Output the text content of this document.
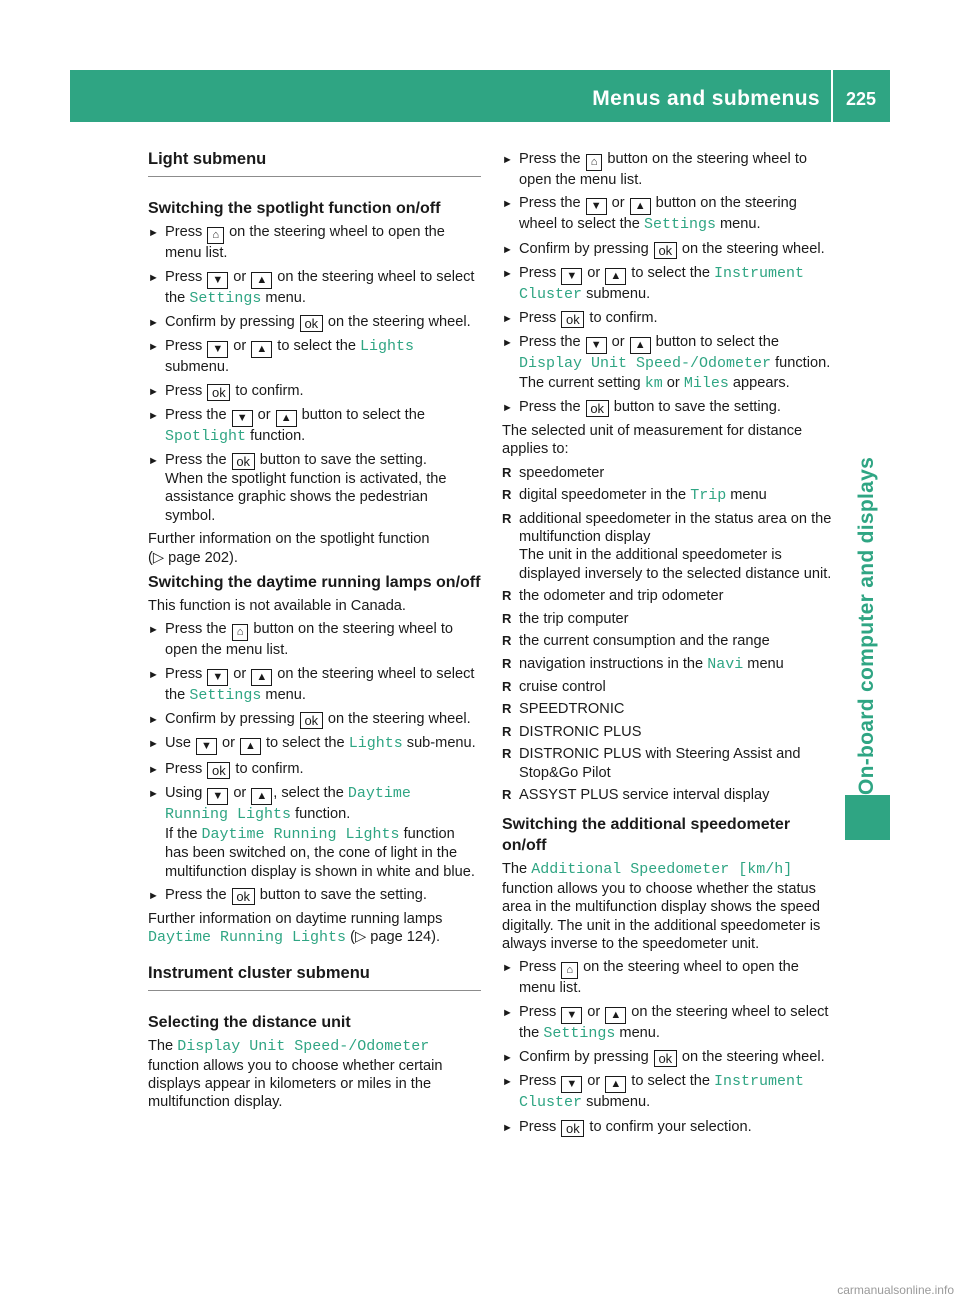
Menus and submenus	225
On-board computer and displays
Light submenu
Switching the spotlight function on/off
► Press ⌂ on the steering wheel to open the menu list.
► Press ▼ or ▲ on the steering wheel to select the Settings menu.
► Confirm by pressing ok on the steering wheel.
► Press ▼ or ▲ to select the Lights submenu.
► Press ok to confirm.
► Press the ▼ or ▲ button to select the Spotlight function.
► Press the ok button to save the setting.
When the spotlight function is activated, the assistance graphic shows the pedestrian symbol.
Further information on the spotlight function
(▷ page 202).
Switching the daytime running lamps on/off
This function is not available in Canada.
► Press the ⌂ button on the steering wheel to open the menu list.
► Press ▼ or ▲ on the steering wheel to select the Settings menu.
► Confirm by pressing ok on the steering wheel.
► Use ▼ or ▲ to select the Lights sub-menu.
► Press ok to confirm.
► Using ▼ or ▲ , select the Daytime Running Lights function.
If the Daytime Running Lights function has been switched on, the cone of light in the multifunction display is shown in white and blue.
► Press the ok button to save the setting.
Further information on daytime running lamps
Daytime Running Lights (▷ page 124).
Instrument cluster submenu
Selecting the distance unit
The Display Unit Speed-/Odometer function allows you to choose whether certain displays appear in kilometers or miles in the multifunction display.
► Press the ⌂ button on the steering wheel to open the menu list.
► Press the ▼ or ▲ button on the steering wheel to select the Settings menu.
► Confirm by pressing ok on the steering wheel.
► Press ▼ or ▲ to select the Instrument Cluster submenu.
► Press ok to confirm.
► Press the ▼ or ▲ button to select the Display Unit Speed-/Odometer function.
The current setting km or Miles appears.
► Press the ok button to save the setting.
The selected unit of measurement for distance applies to:
R speedometer
R digital speedometer in the Trip menu
R additional speedometer in the status area on the multifunction display
The unit in the additional speedometer is displayed inversely to the selected distance unit.
R the odometer and trip odometer
R the trip computer
R the current consumption and the range
R navigation instructions in the Navi menu
R cruise control
R SPEEDTRONIC
R DISTRONIC PLUS
R DISTRONIC PLUS with Steering Assist and Stop&Go Pilot
R ASSYST PLUS service interval display
Switching the additional speedometer on/off
The Additional Speedometer [km/h] function allows you to choose whether the status area in the multifunction display shows the speed digitally. The unit in the additional speedometer is always inverse to the speedometer unit.
► Press ⌂ on the steering wheel to open the menu list.
► Press ▼ or ▲ on the steering wheel to select the Settings menu.
► Confirm by pressing ok on the steering wheel.
► Press ▼ or ▲ to select the Instrument Cluster submenu.
► Press ok to confirm your selection.
carmanualsonline.info
